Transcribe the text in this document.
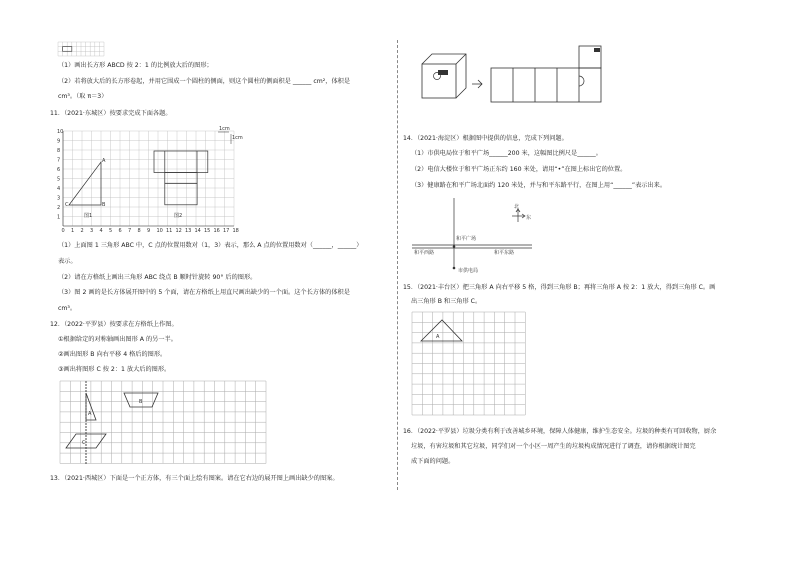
（1）画出长方形 ABCD 按 2：1 的比例放大后的图形；
（2）若将放大后的长方形卷起，并用它围成一个圆柱的侧面，则这个圆柱的侧面积是 ______ cm²，体积是
cm³。（取 π＝3）
11．（2021·东城区）按要求完成下面各题。
0 1 2 3 4 5 6 7 8 9 10 11 12 13 14 15 16 17 18
1
2
3
4
5
6
7
8
9
10
C
A
B
图1	图2
1cm
1cm
（1）上面图 1 三角形 ABC 中，C 点的位置用数对（1，3）表示，那么 A 点的位置用数对（______，______）
表示。
（2）请在方格纸上画出三角形 ABC 绕点 B 顺时针旋转 90° 后的图形。
（3）图 2 画的是长方体展开图中的 5 个面，请在方格纸上用直尺画出缺少的一个面。这个长方体的体积是
cm³。
12．（2022·平罗县）按要求在方格纸上作图。
①根据给定的对称轴画出图形 A 的另一半。
②画出图形 B 向右平移 4 格后的图形。
③画出将图形 C 按 2：1 放大后的图形。
A
B
C
13．（2021·西城区）下面是一个正方体，有三个面上绘有图案。请在它右边的展开图上画出缺少的图案。
14．（2021·海淀区）根据图中提供的信息，完成下列问题。
（1）市供电局位于和平广场______200 米，这幅图比例尺是______。
（2）电信大楼位于和平广场正东约 160 米处，请用“•”在图上标出它的位置。
（3）健康路在和平广场北面约 120 米处，并与和平东路平行，在图上用“______”表示出来。
北
东
和平广场
和平西路	和平东路
市供电局
15．（2021·丰台区）把三角形 A 向右平移 5 格，得到三角形 B；再将三角形 A 按 2：1 放大，得到三角形 C。画
出三角形 B 和三角形 C。
A
16．（2022·平罗县）垃圾分类有利于改善城乡环境，保障人体健康，维护生态安全。垃圾的种类有可回收物，厨余
垃圾，有害垃圾和其它垃圾，同学们对一个小区一周产生的垃圾构成情况进行了调查，请你根据统计图完
成下面的问题。
